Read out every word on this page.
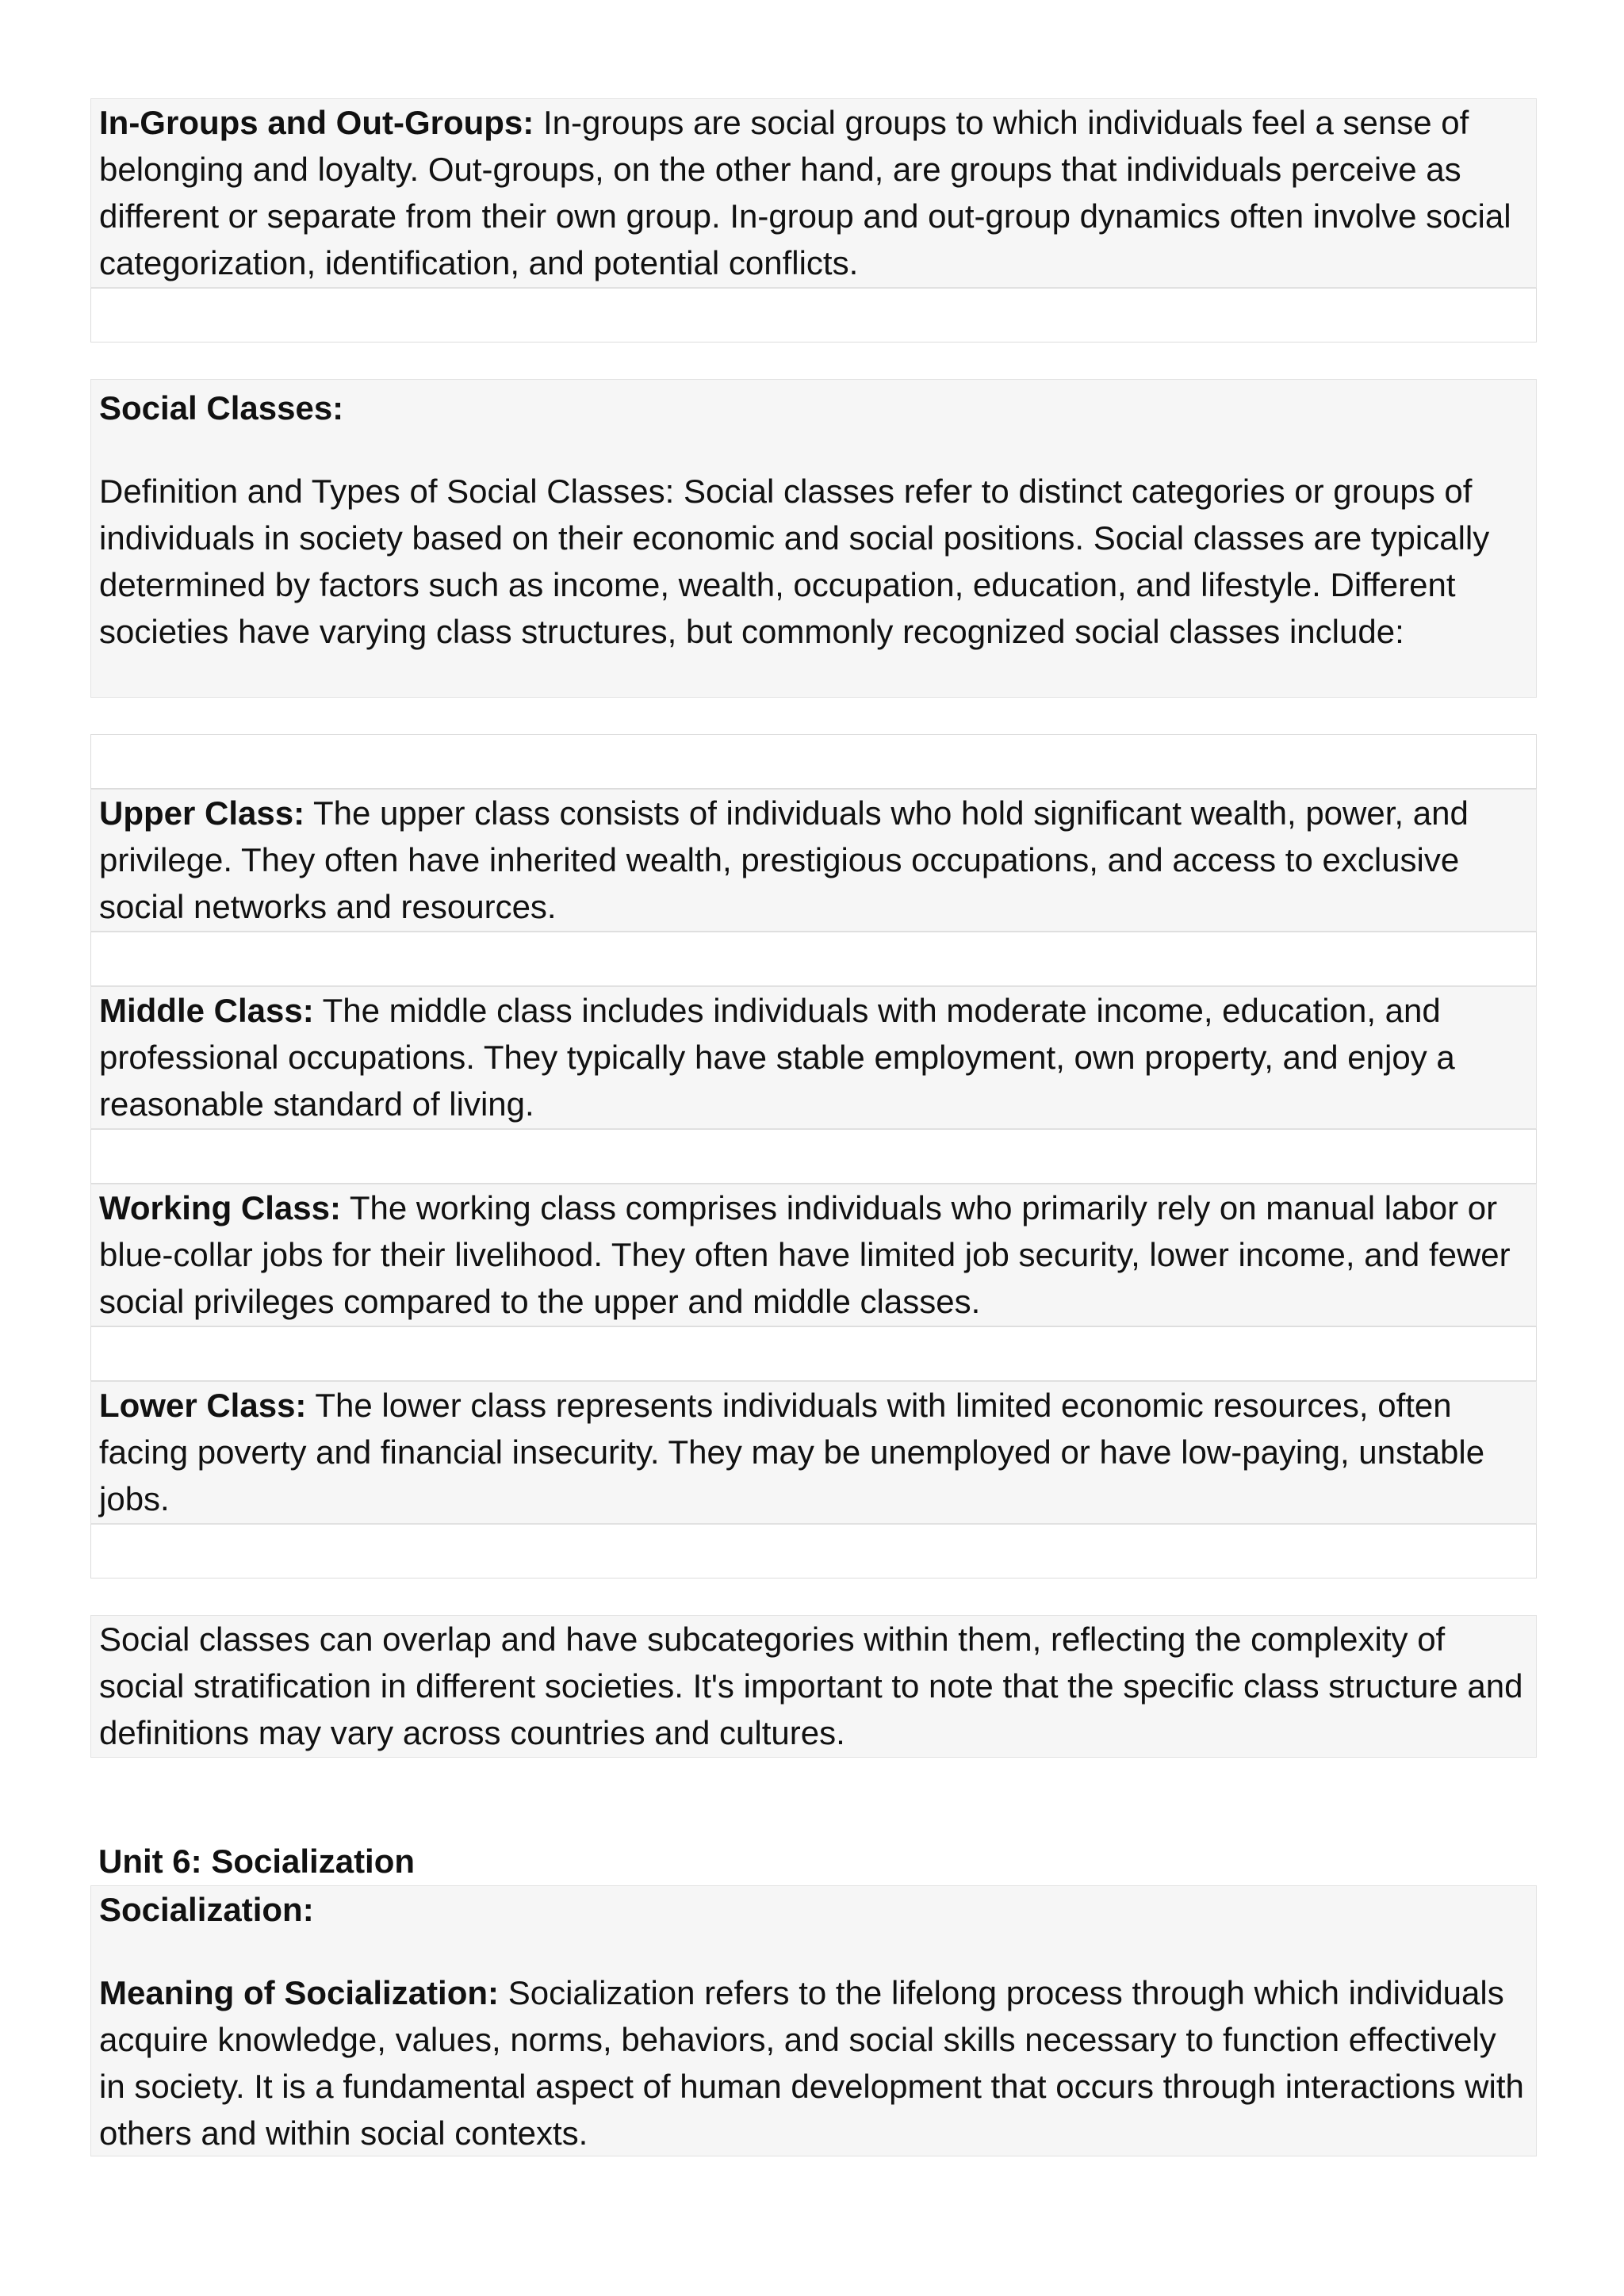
In-Groups and Out-Groups: In-groups are social groups to which individuals feel a sense of belonging and loyalty. Out-groups, on the other hand, are groups that individuals perceive as different or separate from their own group. In-group and out-group dynamics often involve social categorization, identification, and potential conflicts.

Social Classes:

Definition and Types of Social Classes: Social classes refer to distinct categories or groups of individuals in society based on their economic and social positions. Social classes are typically determined by factors such as income, wealth, occupation, education, and lifestyle. Different societies have varying class structures, but commonly recognized social classes include:

Upper Class: The upper class consists of individuals who hold significant wealth, power, and privilege. They often have inherited wealth, prestigious occupations, and access to exclusive social networks and resources.

Middle Class: The middle class includes individuals with moderate income, education, and professional occupations. They typically have stable employment, own property, and enjoy a reasonable standard of living.

Working Class: The working class comprises individuals who primarily rely on manual labor or blue-collar jobs for their livelihood. They often have limited job security, lower income, and fewer social privileges compared to the upper and middle classes.

Lower Class: The lower class represents individuals with limited economic resources, often facing poverty and financial insecurity. They may be unemployed or have low-paying, unstable jobs.

Social classes can overlap and have subcategories within them, reflecting the complexity of social stratification in different societies. It's important to note that the specific class structure and definitions may vary across countries and cultures.

Unit 6: Socialization

Socialization:

Meaning of Socialization: Socialization refers to the lifelong process through which individuals acquire knowledge, values, norms, behaviors, and social skills necessary to function effectively in society. It is a fundamental aspect of human development that occurs through interactions with others and within social contexts.
